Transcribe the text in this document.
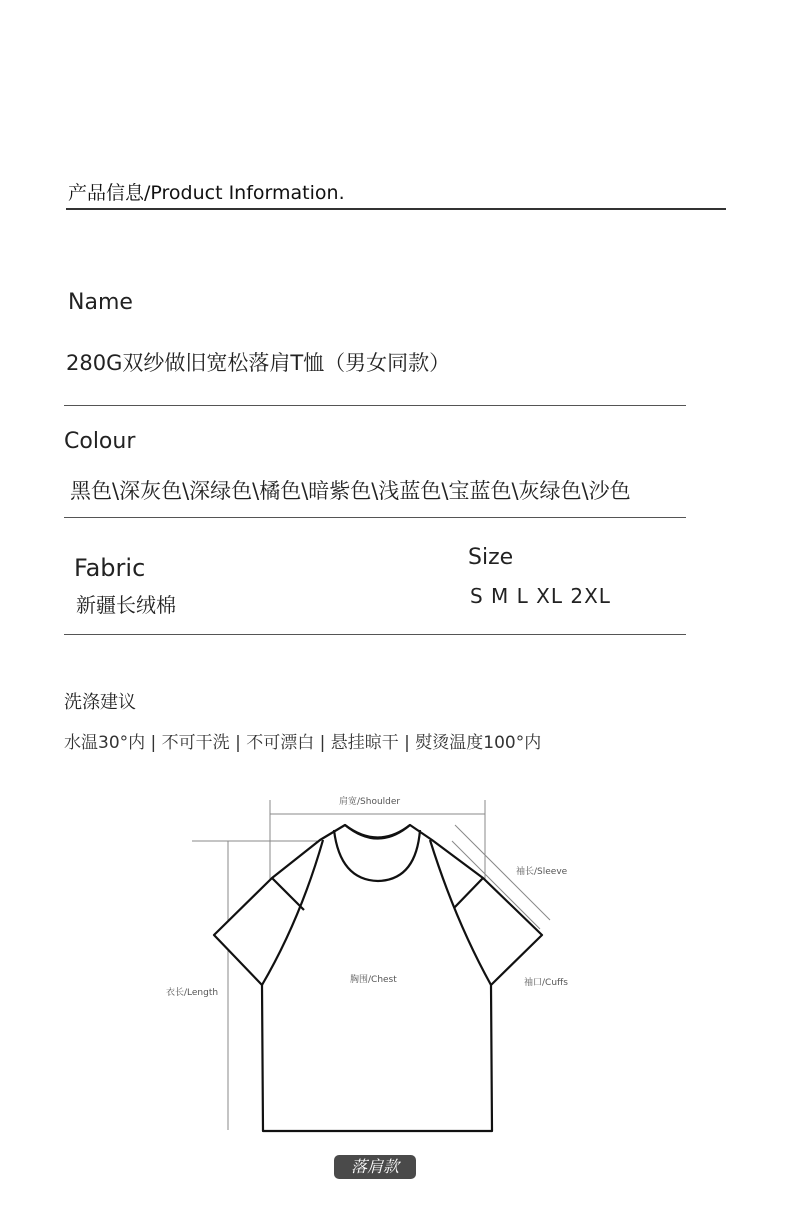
产品信息/Product Information.
Name
280G双纱做旧宽松落肩T恤（男女同款）
Colour
黑色\深灰色\深绿色\橘色\暗紫色\浅蓝色\宝蓝色\灰绿色\沙色
Fabric
新疆长绒棉
Size
S M L XL 2XL
洗涤建议
水温30°内 | 不可干洗 | 不可漂白 | 悬挂晾干 | 熨烫温度100°内
肩宽/Shoulder
袖长/Sleeve
胸围/Chest
衣长/Length
袖口/Cuffs
落肩款
